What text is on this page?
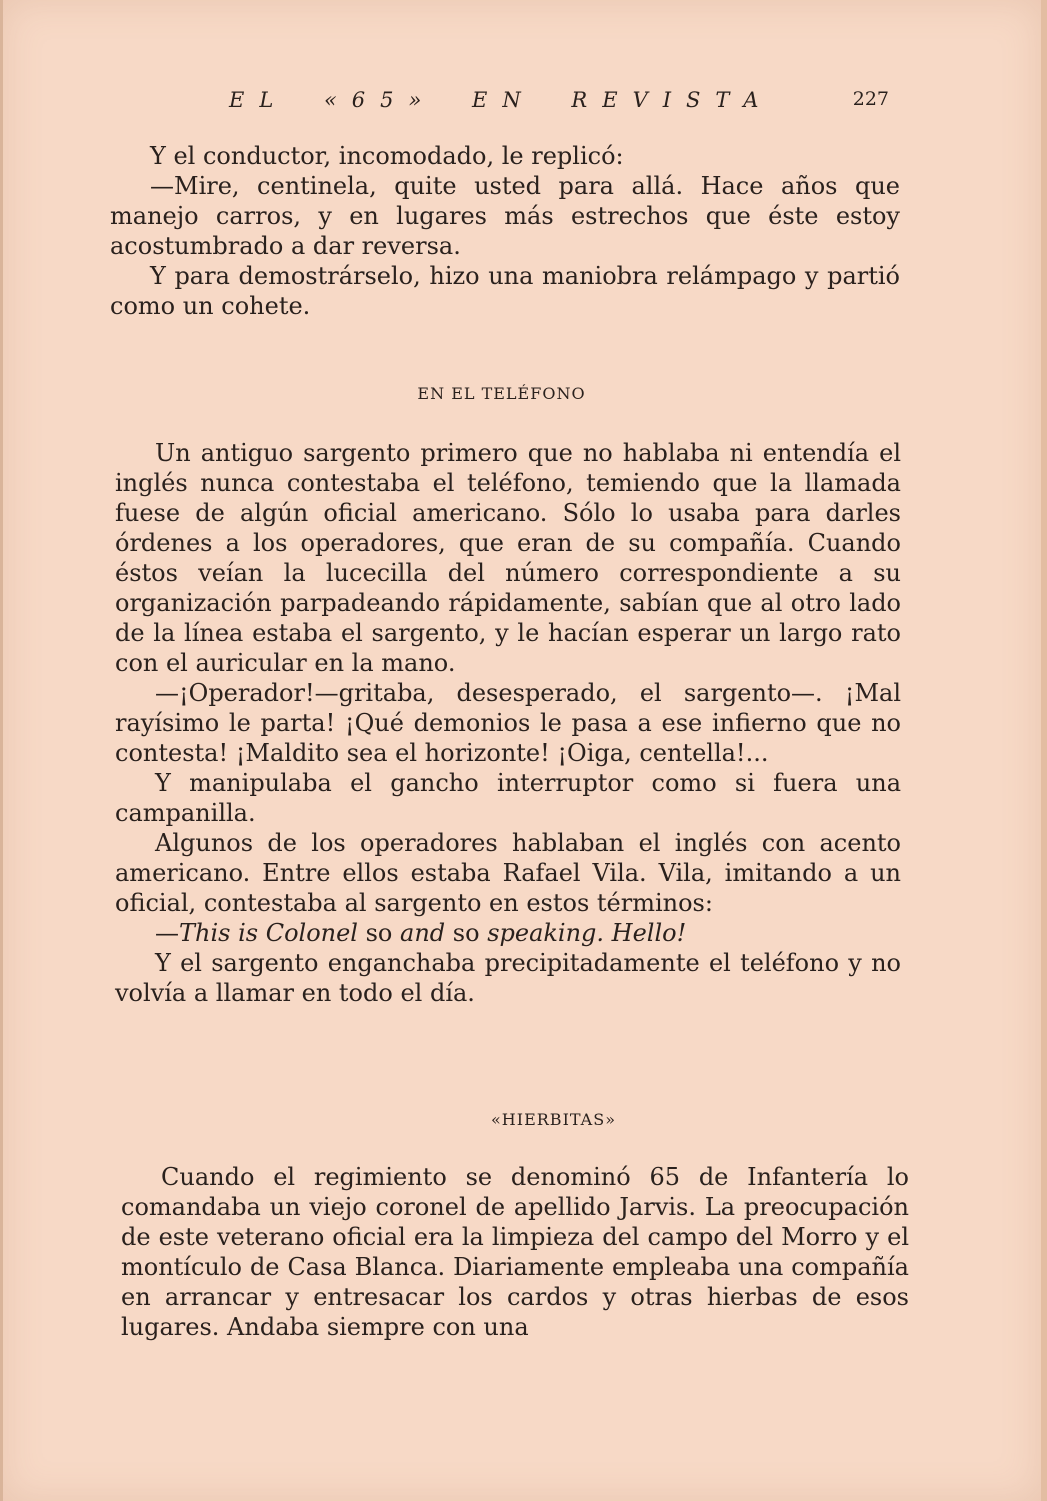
EL «65» EN REVISTA	227

Y el conductor, incomodado, le replicó:

—Mire, centinela, quite usted para allá. Hace años que manejo carros, y en lugares más estrechos que éste estoy acostumbrado a dar reversa.

Y para demostrárselo, hizo una maniobra relámpago y partió como un cohete.

EN EL TELÉFONO

Un antiguo sargento primero que no hablaba ni entendía el inglés nunca contestaba el teléfono, temiendo que la llamada fuese de algún oficial americano. Sólo lo usaba para darles órdenes a los operadores, que eran de su compañía. Cuando éstos veían la lucecilla del número correspondiente a su organización parpadeando rápidamente, sabían que al otro lado de la línea estaba el sargento, y le hacían esperar un largo rato con el auricular en la mano.

—¡Operador!—gritaba, desesperado, el sargento—. ¡Mal rayísimo le parta! ¡Qué demonios le pasa a ese infierno que no contesta! ¡Maldito sea el horizonte! ¡Oiga, centella!...

Y manipulaba el gancho interruptor como si fuera una campanilla.

Algunos de los operadores hablaban el inglés con acento americano. Entre ellos estaba Rafael Vila. Vila, imitando a un oficial, contestaba al sargento en estos términos:

—This is Colonel so and so speaking. Hello!

Y el sargento enganchaba precipitadamente el teléfono y no volvía a llamar en todo el día.

«HIERBITAS»

Cuando el regimiento se denominó 65 de Infantería lo comandaba un viejo coronel de apellido Jarvis. La preocupación de este veterano oficial era la limpieza del campo del Morro y el montículo de Casa Blanca. Diariamente empleaba una compañía en arrancar y entresacar los cardos y otras hierbas de esos lugares. Andaba siempre con una
